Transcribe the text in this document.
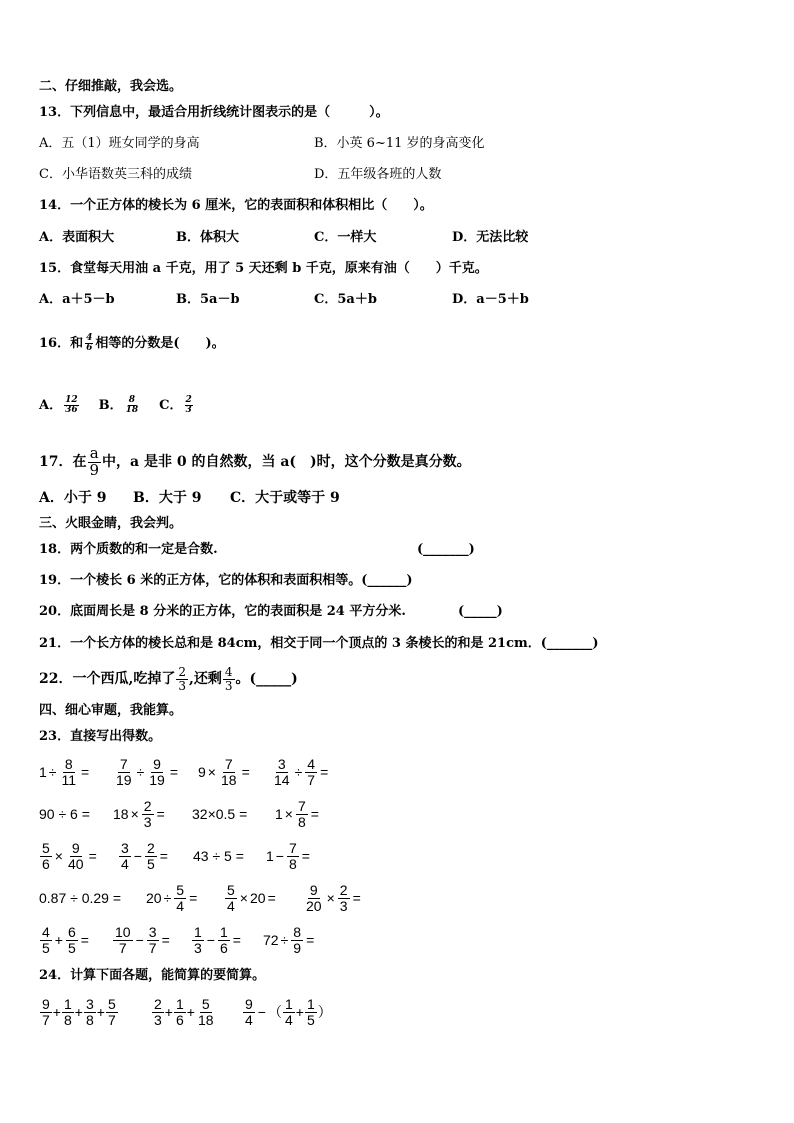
二、仔细推敲，我会选。
13．下列信息中，最适合用折线统计图表示的是（　　　）。
A．五（1）班女同学的身高	B．小英 6~11 岁的身高变化
C．小华语数英三科的成绩	D．五年级各班的人数
14．一个正方体的棱长为 6 厘米，它的表面积和体积相比（　　）。
A．表面积大	B．体积大	C．一样大	D．无法比较
15．食堂每天用油 a 千克，用了 5 天还剩 b 千克，原来有油（　　）千克。
A．a＋5－b	B．5a－b	C．5a＋b	D．a－5＋b
16．和 $\frac{4}{6}$ 相等的分数是(　　)。
A． $\frac{12}{36}$ B． $\frac{8}{18}$ C． $\frac{2}{3}$
17．在 $\frac{a}{9}$ 中，a 是非 0 的自然数，当 a(　)时，这个分数是真分数。
A．小于 9 B．大于 9 C．大于或等于 9
三、火眼金睛，我会判。
18．两个质数的和一定是合数.	(_______)
19．一个棱长 6 米的正方体，它的体积和表面积相等。(______)
20．底面周长是 8 分米的正方体，它的表面积是 24 平方分米.	(_____)
21．一个长方体的棱长总和是 84cm，相交于同一个顶点的 3 条棱长的和是 21cm．(_______)
22．一个西瓜,吃掉了 $\frac{2}{3}$ ,还剩 $\frac{4}{3}$ 。(_____)
四、细心审题，我能算。
23．直接写出得数。
$1 \div \frac{8}{11} = \frac{7}{19} \div \frac{9}{19} = 9 \times \frac{7}{18} = \frac{3}{14} \div \frac{4}{7}$ =
$90 \div 6 = 18 \times \frac{2}{3} = 32\times 0.5 = 1 \times \frac{7}{8}$ =
$\frac{5}{6} \times \frac{9}{40} = \frac{3}{4} - \frac{2}{5} = 43 \div 5 = 1 - \frac{7}{8}$ =
$0.87 \div 0.29 = 20 \div \frac{5}{4} = \frac{5}{4} \times 20 = \frac{9}{20} \times \frac{2}{3}$ =
$\frac{4}{5} + \frac{6}{5} = \frac{10}{7} - \frac{3}{7} = \frac{1}{3} - \frac{1}{6} = 72 \div \frac{8}{9}$ =
24．计算下面各题，能简算的要简算。
$\frac{9}{7} + \frac{1}{8} + \frac{3}{8} + \frac{5}{7} \frac{2}{3} + \frac{1}{6} + \frac{5}{18} \frac{9}{4}$ − （ $\frac{1}{4} + \frac{1}{5}$ ）
